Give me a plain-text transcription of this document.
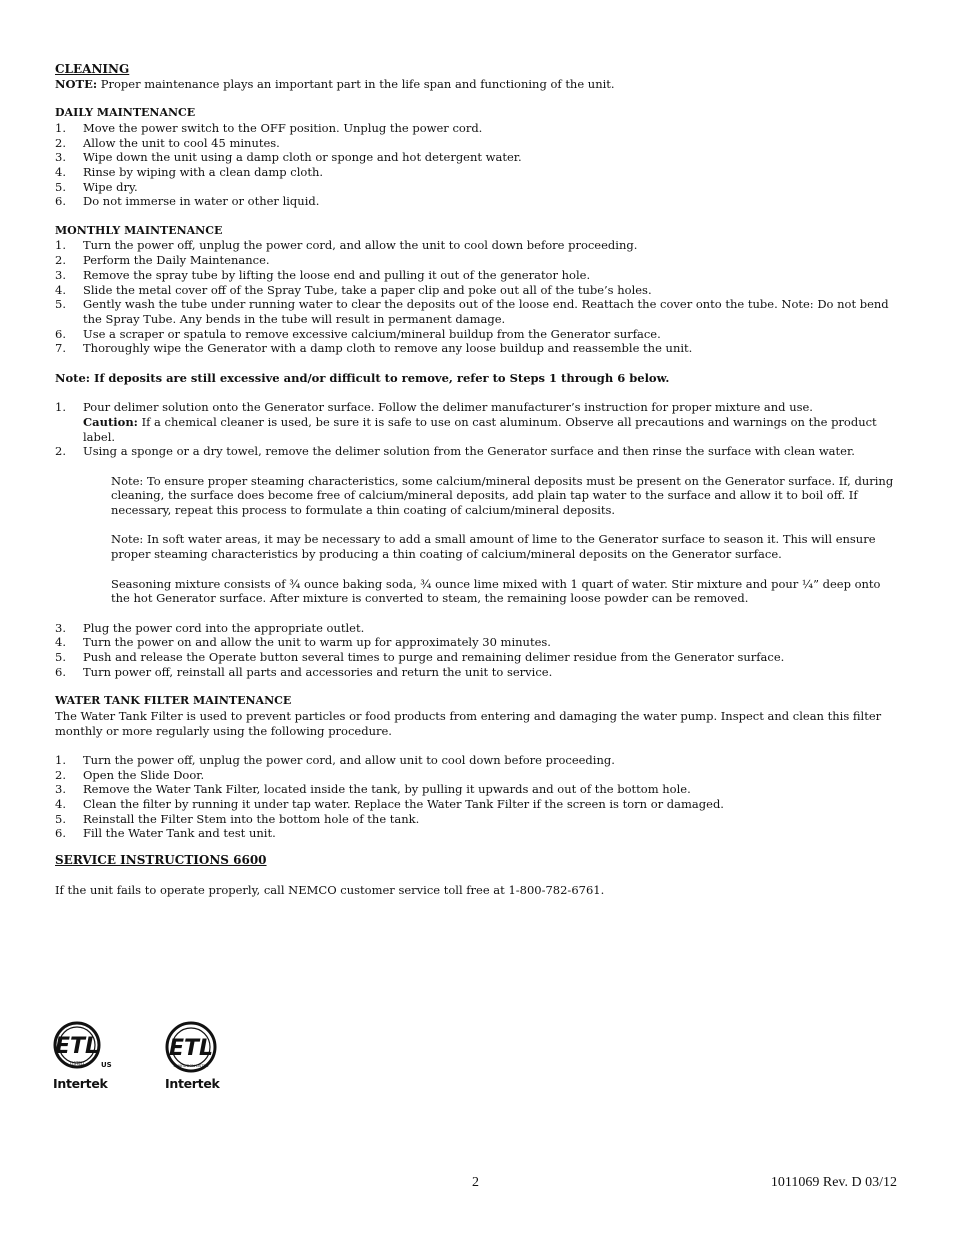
CLEANING

NOTE: Proper maintenance plays an important part in the life span and functioning of the unit.

DAILY MAINTENANCE

1. Move the power switch to the OFF position. Unplug the power cord.
2. Allow the unit to cool 45 minutes.
3. Wipe down the unit using a damp cloth or sponge and hot detergent water.
4. Rinse by wiping with a clean damp cloth.
5. Wipe dry.
6. Do not immerse in water or other liquid.

MONTHLY MAINTENANCE

1. Turn the power off, unplug the power cord, and allow the unit to cool down before proceeding.
2. Perform the Daily Maintenance.
3. Remove the spray tube by lifting the loose end and pulling it out of the generator hole.
4. Slide the metal cover off of the Spray Tube, take a paper clip and poke out all of the tube’s holes.
5. Gently wash the tube under running water to clear the deposits out of the loose end. Reattach the cover onto the tube. Note: Do not bend the Spray Tube. Any bends in the tube will result in permanent damage.
6. Use a scraper or spatula to remove excessive calcium/mineral buildup from the Generator surface.
7. Thoroughly wipe the Generator with a damp cloth to remove any loose buildup and reassemble the unit.

Note: If deposits are still excessive and/or difficult to remove, refer to Steps 1 through 6 below.

1. Pour delimer solution onto the Generator surface. Follow the delimer manufacturer’s instruction for proper mixture and use.
Caution: If a chemical cleaner is used, be sure it is safe to use on cast aluminum. Observe all precautions and warnings on the product label.
2. Using a sponge or a dry towel, remove the delimer solution from the Generator surface and then rinse the surface with clean water.

Note: To ensure proper steaming characteristics, some calcium/mineral deposits must be present on the Generator surface. If, during cleaning, the surface does become free of calcium/mineral deposits, add plain tap water to the surface and allow it to boil off. If necessary, repeat this process to formulate a thin coating of calcium/mineral deposits.

Note: In soft water areas, it may be necessary to add a small amount of lime to the Generator surface to season it. This will ensure proper steaming characteristics by producing a thin coating of calcium/mineral deposits on the Generator surface.

Seasoning mixture consists of ¾ ounce baking soda, ¾ ounce lime mixed with 1 quart of water. Stir mixture and pour ¼” deep onto the hot Generator surface. After mixture is converted to steam, the remaining loose powder can be removed.

3. Plug the power cord into the appropriate outlet.
4. Turn the power on and allow the unit to warm up for approximately 30 minutes.
5. Push and release the Operate button several times to purge and remaining delimer residue from the Generator surface.
6. Turn power off, reinstall all parts and accessories and return the unit to service.

WATER TANK FILTER MAINTENANCE

The Water Tank Filter is used to prevent particles or food products from entering and damaging the water pump. Inspect and clean this filter monthly or more regularly using the following procedure.

1. Turn the power off, unplug the power cord, and allow unit to cool down before proceeding.
2. Open the Slide Door.
3. Remove the Water Tank Filter, located inside the tank, by pulling it upwards and out of the bottom hole.
4. Clean the filter by running it under tap water. Replace the Water Tank Filter if the screen is torn or damaged.
5. Reinstall the Filter Stem into the bottom hole of the tank.
6. Fill the Water Tank and test unit.

SERVICE INSTRUCTIONS 6600

If the unit fails to operate properly, call NEMCO customer service toll free at 1-800-782-6761.

ETL
LISTED US
Intertek
ETL
SANITATION LISTED
Intertek
2	1011069 Rev. D 03/12
